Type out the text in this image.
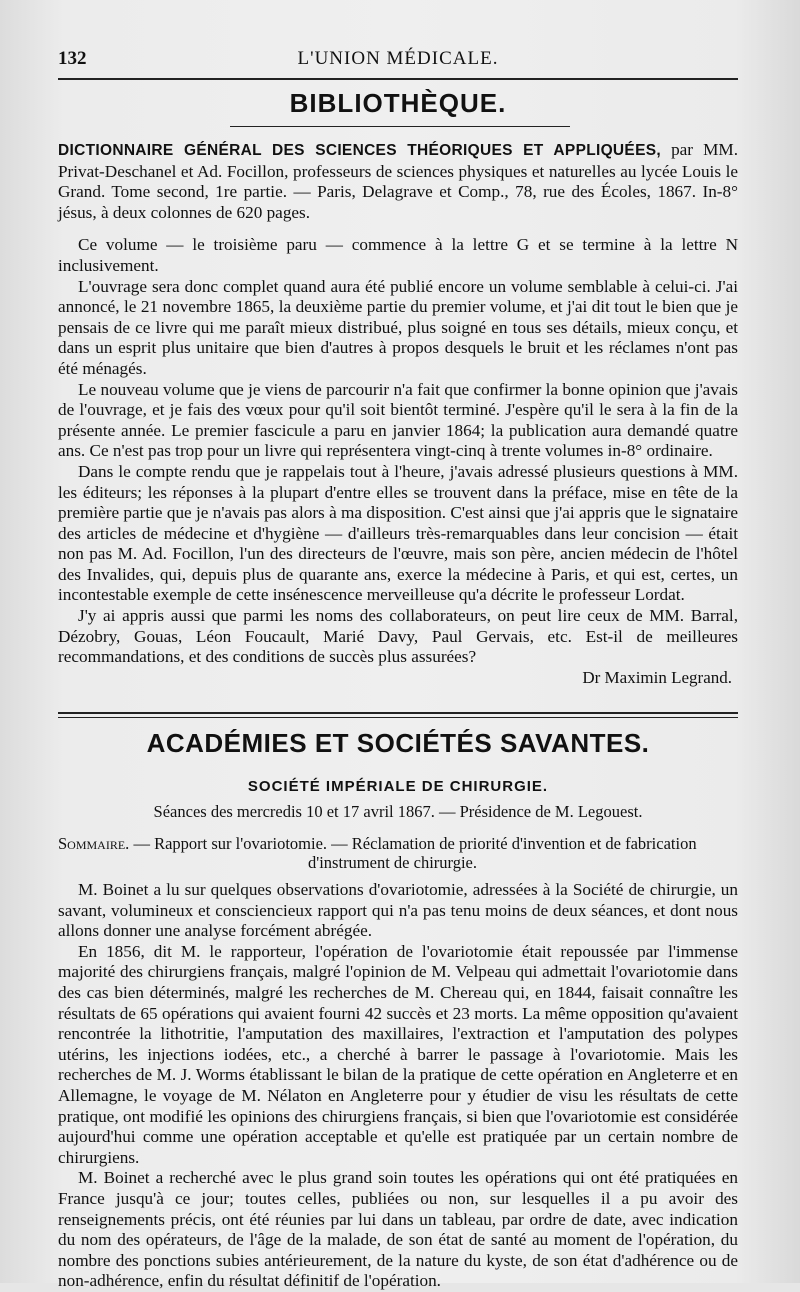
132	L'UNION MÉDICALE.
BIBLIOTHÈQUE.

DICTIONNAIRE GÉNÉRAL DES SCIENCES THÉORIQUES ET APPLIQUÉES, par MM. Privat-Deschanel et Ad. Focillon, professeurs de sciences physiques et naturelles au lycée Louis le Grand. Tome second, 1re partie. — Paris, Delagrave et Comp., 78, rue des Écoles, 1867. In-8° jésus, à deux colonnes de 620 pages.

Ce volume — le troisième paru — commence à la lettre G et se termine à la lettre N inclusivement.

L'ouvrage sera donc complet quand aura été publié encore un volume semblable à celui-ci. J'ai annoncé, le 21 novembre 1865, la deuxième partie du premier volume, et j'ai dit tout le bien que je pensais de ce livre qui me paraît mieux distribué, plus soigné en tous ses détails, mieux conçu, et dans un esprit plus unitaire que bien d'autres à propos desquels le bruit et les réclames n'ont pas été ménagés.

Le nouveau volume que je viens de parcourir n'a fait que confirmer la bonne opinion que j'avais de l'ouvrage, et je fais des vœux pour qu'il soit bientôt terminé. J'espère qu'il le sera à la fin de la présente année. Le premier fascicule a paru en janvier 1864; la publication aura demandé quatre ans. Ce n'est pas trop pour un livre qui représentera vingt-cinq à trente volumes in-8° ordinaire.

Dans le compte rendu que je rappelais tout à l'heure, j'avais adressé plusieurs questions à MM. les éditeurs; les réponses à la plupart d'entre elles se trouvent dans la préface, mise en tête de la première partie que je n'avais pas alors à ma disposition. C'est ainsi que j'ai appris que le signataire des articles de médecine et d'hygiène — d'ailleurs très-remarquables dans leur concision — était non pas M. Ad. Focillon, l'un des directeurs de l'œuvre, mais son père, ancien médecin de l'hôtel des Invalides, qui, depuis plus de quarante ans, exerce la médecine à Paris, et qui est, certes, un incontestable exemple de cette insénescence merveilleuse qu'a décrite le professeur Lordat.

J'y ai appris aussi que parmi les noms des collaborateurs, on peut lire ceux de MM. Barral, Dézobry, Gouas, Léon Foucault, Marié Davy, Paul Gervais, etc. Est-il de meilleures recommandations, et des conditions de succès plus assurées?

Dr Maximin Legrand.

ACADÉMIES ET SOCIÉTÉS SAVANTES.
SOCIÉTÉ IMPÉRIALE DE CHIRURGIE.
Séances des mercredis 10 et 17 avril 1867. — Présidence de M. Legouest.
Sommaire. — Rapport sur l'ovariotomie. — Réclamation de priorité d'invention et de fabrication
d'instrument de chirurgie.

M. Boinet a lu sur quelques observations d'ovariotomie, adressées à la Société de chirurgie, un savant, volumineux et consciencieux rapport qui n'a pas tenu moins de deux séances, et dont nous allons donner une analyse forcément abrégée.

En 1856, dit M. le rapporteur, l'opération de l'ovariotomie était repoussée par l'immense majorité des chirurgiens français, malgré l'opinion de M. Velpeau qui admettait l'ovariotomie dans des cas bien déterminés, malgré les recherches de M. Chereau qui, en 1844, faisait connaître les résultats de 65 opérations qui avaient fourni 42 succès et 23 morts. La même opposition qu'avaient rencontrée la lithotritie, l'amputation des maxillaires, l'extraction et l'amputation des polypes utérins, les injections iodées, etc., a cherché à barrer le passage à l'ovariotomie. Mais les recherches de M. J. Worms établissant le bilan de la pratique de cette opération en Angleterre et en Allemagne, le voyage de M. Nélaton en Angleterre pour y étudier de visu les résultats de cette pratique, ont modifié les opinions des chirurgiens français, si bien que l'ovariotomie est considérée aujourd'hui comme une opération acceptable et qu'elle est pratiquée par un certain nombre de chirurgiens.

M. Boinet a recherché avec le plus grand soin toutes les opérations qui ont été pratiquées en France jusqu'à ce jour; toutes celles, publiées ou non, sur lesquelles il a pu avoir des renseignements précis, ont été réunies par lui dans un tableau, par ordre de date, avec indication du nom des opérateurs, de l'âge de la malade, de son état de santé au moment de l'opération, du nombre des ponctions subies antérieurement, de la nature du kyste, de son état d'adhérence ou de non-adhérence, enfin du résultat définitif de l'opération.
